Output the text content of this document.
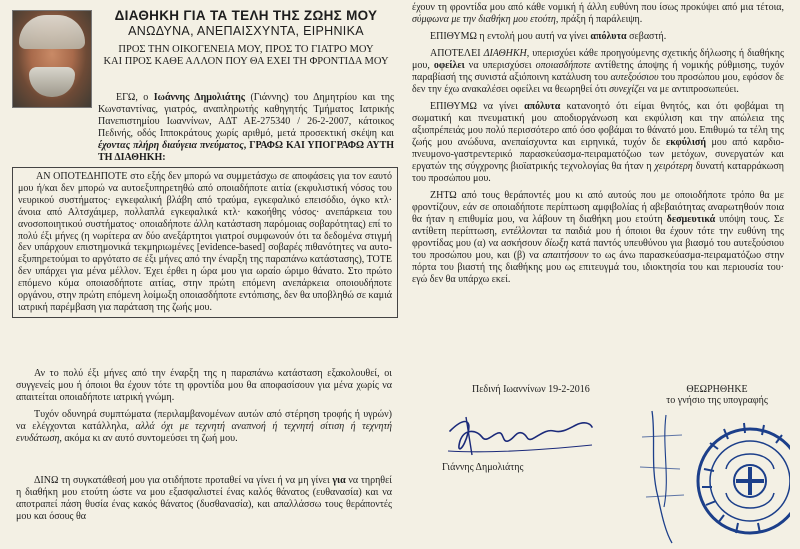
ΔΙΑΘΗΚΗ ΓΙΑ ΤΑ ΤΕΛΗ ΤΗΣ ΖΩΗΣ ΜΟΥ
ΑΝΩΔΥΝΑ, ΑΝΕΠΑΙΣΧΥΝΤΑ, ΕΙΡΗΝΙΚΑ
ΠΡΟΣ ΤΗΝ ΟΙΚΟΓΕΝΕΙΑ ΜΟΥ, ΠΡΟΣ ΤΟ ΓΙΑΤΡΟ ΜΟΥ
ΚΑΙ ΠΡΟΣ ΚΑΘΕ ΑΛΛΟΝ ΠΟΥ ΘΑ ΕΧΕΙ ΤΗ ΦΡΟΝΤΙΔΑ ΜΟΥ
ΕΓΩ, ο Ιωάννης Δημολιάτης (Γιάννης) του Δημητρίου και της Κωνσταντίνας, γιατρός, αναπληρωτής καθηγητής Τμήματος Ιατρικής Πανεπιστημίου Ιωαννίνων, ΑΔΤ ΑΕ-275340 / 26-2-2007, κάτοικος Πεδινής, οδός Ιπποκράτους χωρίς αριθμό, μετά προσεκτική σκέψη και έχοντας πλήρη διαύγεια πνεύματος, ΓΡΑΦΩ ΚΑΙ ΥΠΟΓΡΑΦΩ ΑΥΤΗ ΤΗ ΔΙΑΘΗΚΗ:

ΑΝ ΟΠΟΤΕΔΗΠΟΤΕ στο εξής δεν μπορώ να συμμετάσχω σε αποφάσεις για τον εαυτό μου ή/και δεν μπορώ να αυτοεξυπηρετηθώ από οποιαδήποτε αιτία (εκφυλιστική νόσος του νευρικού συστήματος· εγκεφαλική βλάβη από τραύμα, εγκεφαλικό επεισόδιο, όγκο κτλ· άνοια από Αλτσχάιμερ, πολλαπλά εγκεφαλικά κτλ· κακοήθης νόσος· ανεπάρκεια του ανοσοποιητικού συστήματος· οποιαδήποτε άλλη κατάσταση παρόμοιας σοβαρότητας) επί το πολύ έξι μήνες (η νωρίτερα αν δύο ανεξάρτητοι γιατροί συμφωνούν ότι τα δεδομένα στιγμή δεν υπάρχουν επιστημονικά τεκμηριωμένες [evidence-based] σοβαρές πιθανότητες να αυτο-εξυπηρετούμαι το αργότατο σε έξι μήνες από την έναρξη της παραπάνω κατάστασης), ΤΟΤΕ δεν υπάρχει για μένα μέλλον. Έχει έρθει η ώρα μου για ωραίο ώριμο θάνατο. Στο πρώτο επόμενο κύμα οποιασδήποτε αιτίας, στην πρώτη επόμενη ανεπάρκεια οποιουδήποτε οργάνου, στην πρώτη επόμενη λοίμωξη οποιασδήποτε εντόπισης, δεν θα υποβληθώ σε καμιά ιατρική παρέμβαση για παράταση της ζωής μου.

Αν το πολύ έξι μήνες από την έναρξη της η παραπάνω κατάσταση εξακολουθεί, οι συγγενείς μου ή όποιοι θα έχουν τότε τη φροντίδα μου θα αποφασίσουν για μένα χωρίς να απαιτείται οποιαδήποτε ιατρική γνώμη.

Τυχόν οδυνηρά συμπτώματα (περιλαμβανομένων αυτών από στέρηση τροφής ή υγρών) να ελέγχονται κατάλληλα, αλλά όχι με τεχνητή αναπνοή ή τεχνητή σίτιση ή τεχνητή ενυδάτωση, ακόμα κι αν αυτό συντομεύσει τη ζωή μου.

ΔΙΝΩ τη συγκατάθεσή μου για οτιδήποτε προταθεί να γίνει ή να μη γίνει για να τηρηθεί η διαθήκη μου ετούτη ώστε να μου εξασφαλιστεί ένας καλός θάνατος (ευθανασία) και να αποτραπεί πάση θυσία ένας κακός θάνατος (δυσθανασία), και απαλλάσσω τους θεράποντές μου και όσους θα

έχουν τη φροντίδα μου από κάθε νομική ή άλλη ευθύνη που ίσως προκύψει από μια τέτοια, σύμφωνα με την διαθήκη μου ετούτη, πράξη ή παράλειψη.

ΕΠΙΘΥΜΩ η εντολή μου αυτή να γίνει απόλυτα σεβαστή.

ΑΠΟΤΕΛΕΙ ΔΙΑΘΗΚΗ, υπερισχύει κάθε προηγούμενης σχετικής δήλωσης ή διαθήκης μου, οφείλει να υπερισχύσει οποιασδήποτε αντίθετης άποψης ή νομικής ρύθμισης, τυχόν παραβίασή της συνιστά αξιόποινη κατάλυση του αυτεξούσιου του προσώπου μου, εφόσον δε δεν την έχω ανακαλέσει οφείλει να θεωρηθεί ότι συνεχίζει να με αντιπροσωπεύει.

ΕΠΙΘΥΜΩ να γίνει απόλυτα κατανοητό ότι είμαι θνητός, και ότι φοβάμαι τη σωματική και πνευματική μου αποδιοργάνωση και εκφύλιση και την απώλεια της αξιοπρέπειάς μου πολύ περισσότερο από όσο φοβάμαι το θάνατό μου. Επιθυμώ τα τέλη της ζωής μου ανώδυνα, ανεπαίσχυντα και ειρηνικά, τυχόν δε εκφύλισή μου από καρδιο-πνευμονο-γαστρεντερικό παρασκεύασμα-πειραματόζωο των μετόχων, συνεργατών και εργατών της σύγχρονης βιοϊατρικής τεχνολογίας θα ήταν η χειρότερη δυνατή καταρράκωση του προσώπου μου.

ΖΗΤΩ από τους θεράποντές μου κι από αυτούς που με οποιοδήποτε τρόπο θα με φροντίζουν, εάν σε οποιαδήποτε περίπτωση αμφιβολίας ή αβεβαιότητας αναρωτηθούν ποια θα ήταν η επιθυμία μου, να λάβουν τη διαθήκη μου ετούτη δεσμευτικά υπόψη τους. Σε αντίθετη περίπτωση, εντέλλονται τα παιδιά μου ή όποιοι θα έχουν τότε την ευθύνη της φροντίδας μου (α) να ασκήσουν δίωξη κατά παντός υπευθύνου για βιασμό του αυτεξούσιου του προσώπου μου, και (β) να απαιτήσουν το ως άνω παρασκεύασμα-πειραματόζωο στην πόρτα του βιαστή της διαθήκης μου ως επιτευγμά του, ιδιοκτησία του και περιουσία του· εγώ δεν θα υπάρχω εκεί.

Πεδινή Ιωαννίνων 19-2-2016	ΘΕΩΡΗΘΗΚΕ
το γνήσιο της υπογραφής
Γιάννης Δημολιάτης
